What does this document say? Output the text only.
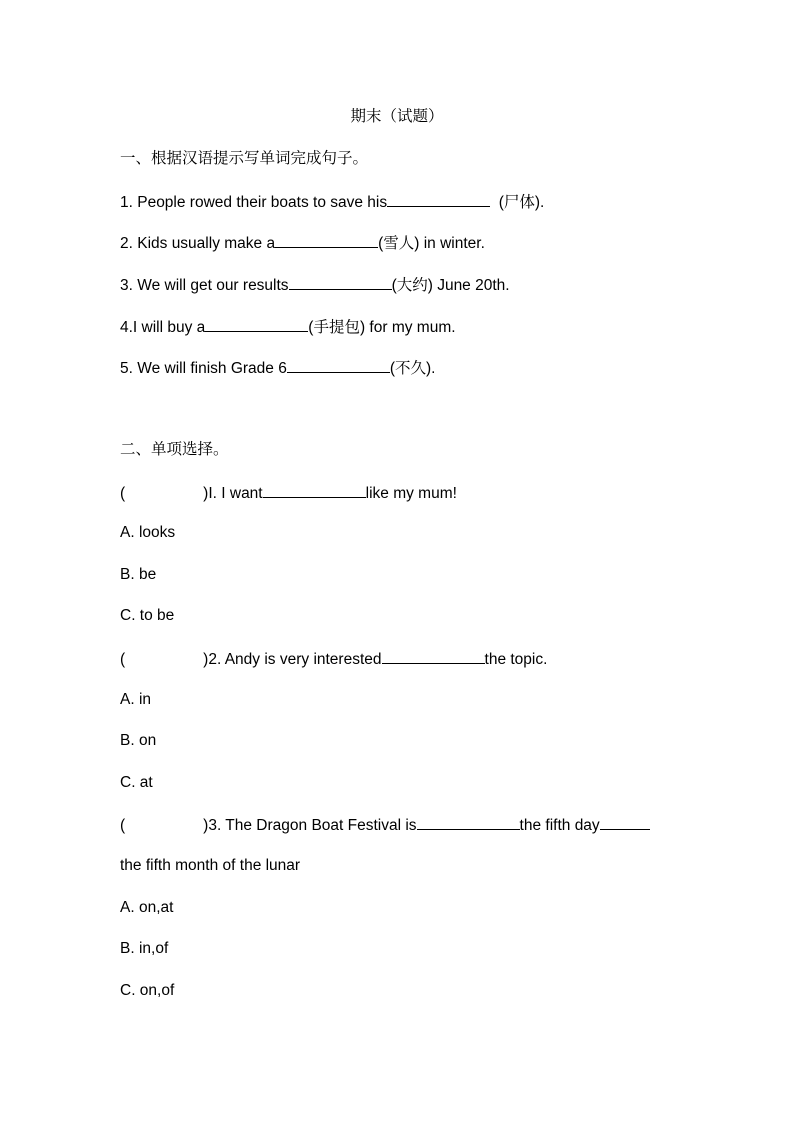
期末（试题）
一、根据汉语提示写单词完成句子。
1. People rowed their boats to save his	(尸体).
2. Kids usually make a	(雪人) in winter.
3. We will get our results	(大约) June 20th.
4.I will buy a	(手提包) for my mum.
5. We will finish Grade 6	(不久).
二、单项选择。
(	)I. I want	like my mum!
A. looks
B. be
C. to be
(	)2. Andy is very interested	the topic.
A. in
B. on
C. at
(	)3. The Dragon Boat Festival is	the fifth day
the fifth month of the lunar
A. on,at
B. in,of
C. on,of
